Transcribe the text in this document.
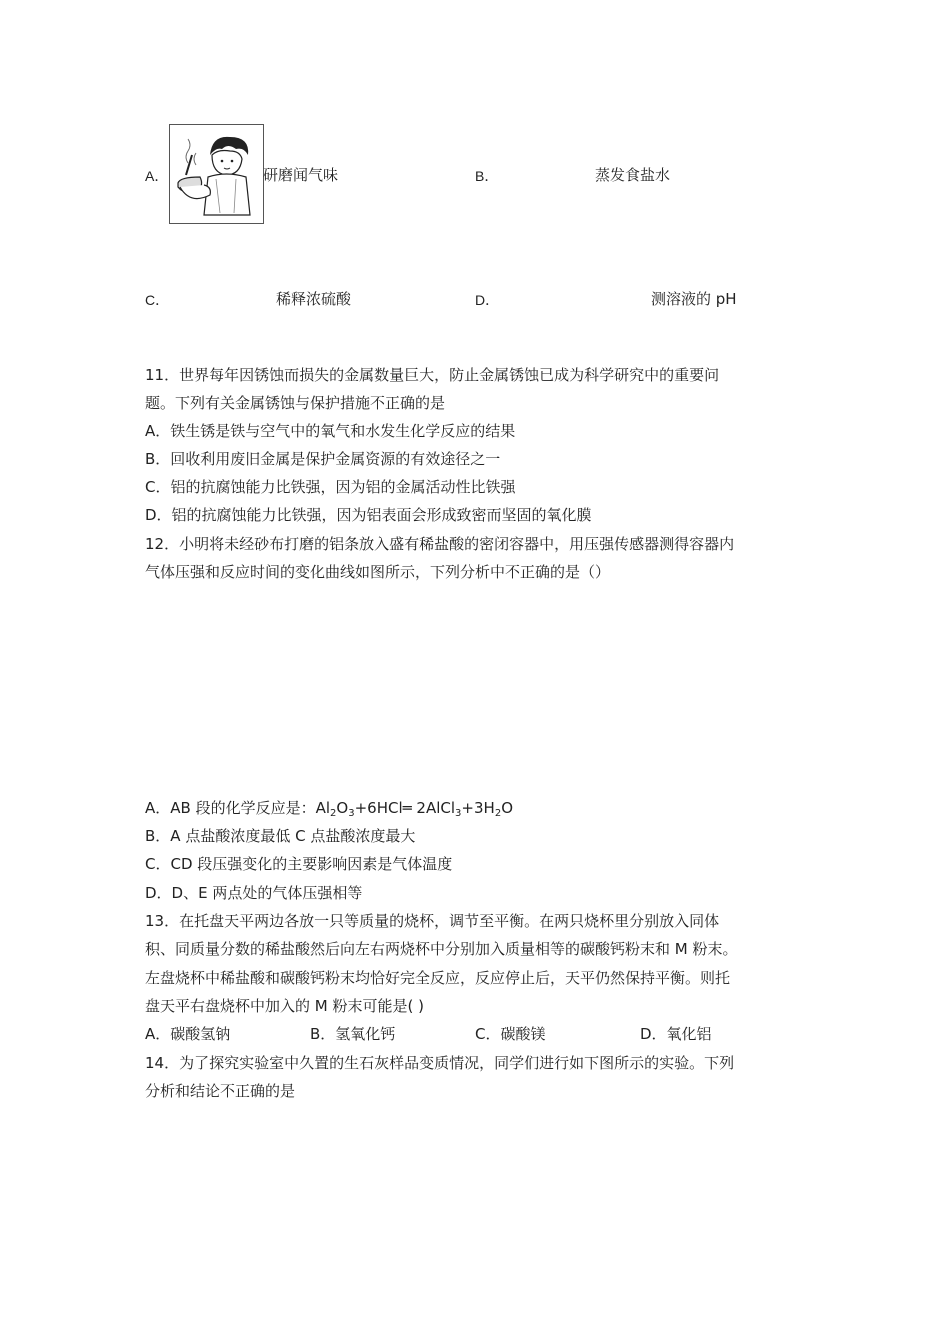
A．	研磨闻气味	B．	蒸发食盐水
C．	稀释浓硫酸	D．	测溶液的 pH
11．世界每年因锈蚀而损失的金属数量巨大，防止金属锈蚀已成为科学研究中的重要问
题。下列有关金属锈蚀与保护措施不正确的是
A．铁生锈是铁与空气中的氧气和水发生化学反应的结果
B．回收利用废旧金属是保护金属资源的有效途径之一
C．铝的抗腐蚀能力比铁强，因为铝的金属活动性比铁强
D．铝的抗腐蚀能力比铁强，因为铝表面会形成致密而坚固的氧化膜
12．小明将未经砂布打磨的铝条放入盛有稀盐酸的密闭容器中，用压强传感器测得容器内
气体压强和反应时间的变化曲线如图所示，下列分析中不正确的是（）
A．AB 段的化学反应是：$Al_2O_3+6HCl═$ $2AlCl_3+3H_2O$
B．A 点盐酸浓度最低 C 点盐酸浓度最大
C．CD 段压强变化的主要影响因素是气体温度
D．D、E 两点处的气体压强相等
13．在托盘天平两边各放一只等质量的烧杯，调节至平衡。在两只烧杯里分别放入同体
积、同质量分数的稀盐酸然后向左右两烧杯中分别加入质量相等的碳酸钙粉末和 M 粉末。
左盘烧杯中稀盐酸和碳酸钙粉末均恰好完全反应，反应停止后，天平仍然保持平衡。则托
盘天平右盘烧杯中加入的 M 粉末可能是( )
A．碳酸氢钠	B．氢氧化钙	C．碳酸镁	D．氧化铝
14．为了探究实验室中久置的生石灰样品变质情况，同学们进行如下图所示的实验。下列
分析和结论不正确的是
